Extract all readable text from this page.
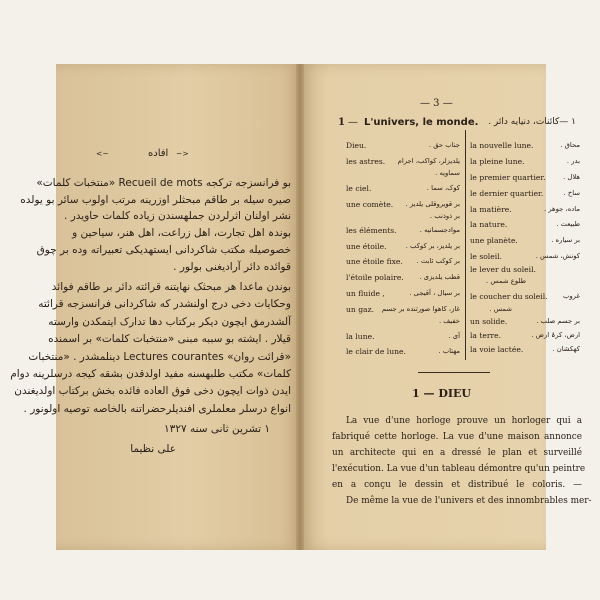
<~	افاده ~>
بو فرانسزجه ترکجه Recueil de mots «منتخبات کلمات»
صیره سیله بر طاقم مبحثلر اوزرینه مرتب اولوب سائر بو یولده
نشر اولنان اثرلردن جملهسندن زیاده کلمات حاویدر .
بوندہ اهل تجارت، اهل زراعت، اهل هنر، سیاحین و
خصوصیله مکتب شاکردانی ایستهدیکی تعبیراته وده بر چوق
قوائده دائر آرادیغنی بولور .
بوندن ماعدا هر مبحثک نهایتنه قرائته دائر بر طاقم فوائد
وحکایات دخی درج اولنشدر که شاکردانی فرانسزجه قرائته
آلشدرمق ایچون دیکر برکتاب دها تدارک ایتمکدن وارسته
قیلار . ایشته بو سببه مبنی «منتخبات کلمات» بر اسمنده
«قرائت روان» Lectures courantes دینلمشدر . «منتخبات
کلمات» مکتب طلبهسنه مفید اولدقدن بشقه کیجه درسلرینه دوام
ایدن ذوات ایچون دخی فوق العاده فائده بخش برکتاب اولدیغندن
انواع درسلر معلملری افندیلرحضراتنه بالخاصه توصیه اولونور .
١ تشرین ثانی سنه ١٣٢٧
علی نظیما
— 3 —
1 — L'univers, le monde.	۱ —کائنات، دنیایه دائر .
Dieu.	جناب حق .
les astres.	یلدیزلر، کواکب، اجرام
سماویه .
le ciel.	کوک، سما .
une comète.	بر قویروقلی یلدیز .
بر ذوذنب .
les éléments.	موادجسمانیه .
une étoile.	بر یلدیز، بر کوکب .
une étoile fixe.	بر کوکب ثابت .
l'étoile polaire.	قطب یلدیزی .
un fluide ,	بر سیال ، آقیجی .
un gaz.	غاز، کاهوا صورتنده بر جسم
خفیف .
la lune.	آی .
le clair de lune.	مهتاب .
la nouvelle lune.	محاق .
la pleine lune.	بدر .
le premier quartier.	هلال .
le dernier quartier.	ساخ .
la matière.	ماده، جوهر .
la nature.	طبیعت .
une planète.	بر سیاره .
le soleil.	کونش، شمس .
le lever du soleil.
طلوع شمس .
le coucher du soleil.	غروب
شمس .
un solide.	بر جسم صلب .
la terre.	ارض، کرۂ ارض .
la voie lactée.	کهکشان .
1 — DIEU
La vue d'une horloge prouve un horloger qui a
fabriqué cette horloge. La vue d'une maison annonce
un architecte qui en a dressé le plan et surveillé
l'exécution. La vue d'un tableau démontre qu'un peintre
en a conçu le dessin et distribué le coloris. —
De même la vue de l'univers et des innombrables mer-
